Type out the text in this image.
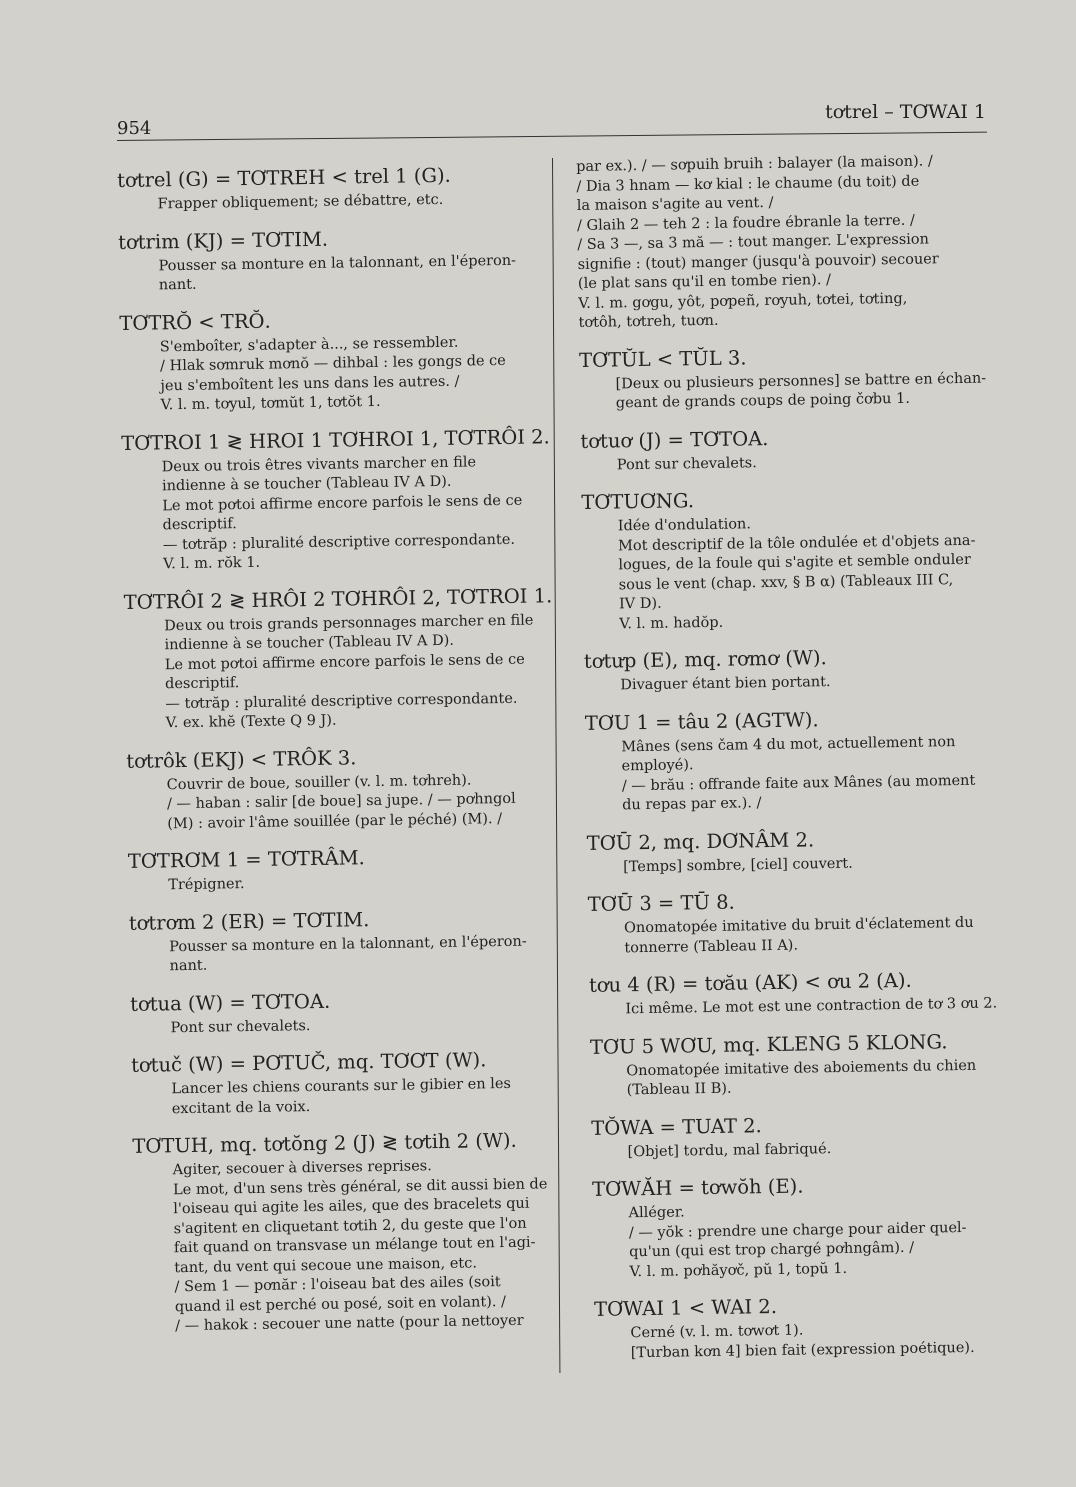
954
tơtrel – TƠWAI 1
tơtrel (G) = TƠTREH < trel 1 (G).
Frapper obliquement; se débattre, etc.
tơtrim (KJ) = TƠTIM.
Pousser sa monture en la talonnant, en l'éperon-
nant.
TƠTRŎ < TRŎ.
S'emboîter, s'adapter à..., se ressembler.
/ Hlak sơmruk mơnŏ — dihbal : les gongs de ce
jeu s'emboîtent les uns dans les autres. /
V. l. m. tơyul, tơmŭt 1, tơtŏt 1.
TƠTROI 1 ≷ HROI 1 TƠHROI 1, TƠTRÔI 2.
Deux ou trois êtres vivants marcher en file
indienne à se toucher (Tableau IV A D).
Le mot pơtoi affirme encore parfois le sens de ce
descriptif.
— tơtrăp : pluralité descriptive correspondante.
V. l. m. rŏk 1.
TƠTRÔI 2 ≷ HRÔI 2 TƠHRÔI 2, TƠTROI 1.
Deux ou trois grands personnages marcher en file
indienne à se toucher (Tableau IV A D).
Le mot pơtoi affirme encore parfois le sens de ce
descriptif.
— tơtrăp : pluralité descriptive correspondante.
V. ex. khĕ (Texte Q 9 J).
tơtrôk (EKJ) < TRÔK 3.
Couvrir de boue, souiller (v. l. m. tơhreh).
/ — haban : salir [de boue] sa jupe. / — pơhngol
(M) : avoir l'âme souillée (par le péché) (M). /
TƠTRƠM 1 = TƠTRÂM.
Trépigner.
tơtrơm 2 (ER) = TƠTIM.
Pousser sa monture en la talonnant, en l'éperon-
nant.
tơtua (W) = TƠTOA.
Pont sur chevalets.
tơtuč (W) = PƠTUČ, mq. TƠƠT (W).
Lancer les chiens courants sur le gibier en les
excitant de la voix.
TƠTUH, mq. tơtŏng 2 (J) ≷ tơtih 2 (W).
Agiter, secouer à diverses reprises.
Le mot, d'un sens très général, se dit aussi bien de
l'oiseau qui agite les ailes, que des bracelets qui
s'agitent en cliquetant tơtih 2, du geste que l'on
fait quand on transvase un mélange tout en l'agi-
tant, du vent qui secoue une maison, etc.
/ Sem 1 — pơnăr : l'oiseau bat des ailes (soit
quand il est perché ou posé, soit en volant). /
/ — hakok : secouer une natte (pour la nettoyer
par ex.). / — sơpuih bruih : balayer (la maison). /
/ Dia 3 hnam — kơ kial : le chaume (du toit) de
la maison s'agite au vent. /
/ Glaih 2 — teh 2 : la foudre ébranle la terre. /
/ Sa 3 —, sa 3 mă — : tout manger. L'expression
signifie : (tout) manger (jusqu'à pouvoir) secouer
(le plat sans qu'il en tombe rien). /
V. l. m. gơgu, yôt, pơpeñ, rơyuh, tơtei, tơting,
tơtôh, tơtreh, tuơn.
TƠTŬL < TŬL 3.
[Deux ou plusieurs personnes] se battre en échan-
geant de grands coups de poing čơbu 1.
tơtuơ (J) = TƠTOA.
Pont sur chevalets.
TƠTUƠNG.
Idée d'ondulation.
Mot descriptif de la tôle ondulée et d'objets ana-
logues, de la foule qui s'agite et semble onduler
sous le vent (chap. xxv, § B α) (Tableaux III C,
IV D).
V. l. m. hadŏp.
tơtưp (E), mq. rơmơ (W).
Divaguer étant bien portant.
TƠU 1 = tâu 2 (AGTW).
Mânes (sens čam 4 du mot, actuellement non
employé).
/ — brău : offrande faite aux Mânes (au moment
du repas par ex.). /
TƠŪ 2, mq. DƠNÂM 2.
[Temps] sombre, [ciel] couvert.
TƠŪ 3 = TŪ 8.
Onomatopée imitative du bruit d'éclatement du
tonnerre (Tableau II A).
tơu 4 (R) = tơău (AK) < ơu 2 (A).
Ici même. Le mot est une contraction de tơ 3 ơu 2.
TƠU 5 WƠU, mq. KLENG 5 KLONG.
Onomatopée imitative des aboiements du chien
(Tableau II B).
TŎWA = TUAT 2.
[Objet] tordu, mal fabriqué.
TƠWĂH = tơwŏh (E).
Alléger.
/ — yŏk : prendre une charge pour aider quel-
qu'un (qui est trop chargé pơhngâm). /
V. l. m. pơhăyơč, pŭ 1, topŭ 1.
TƠWAI 1 < WAI 2.
Cerné (v. l. m. tơwơt 1).
[Turban kơn 4] bien fait (expression poétique).
